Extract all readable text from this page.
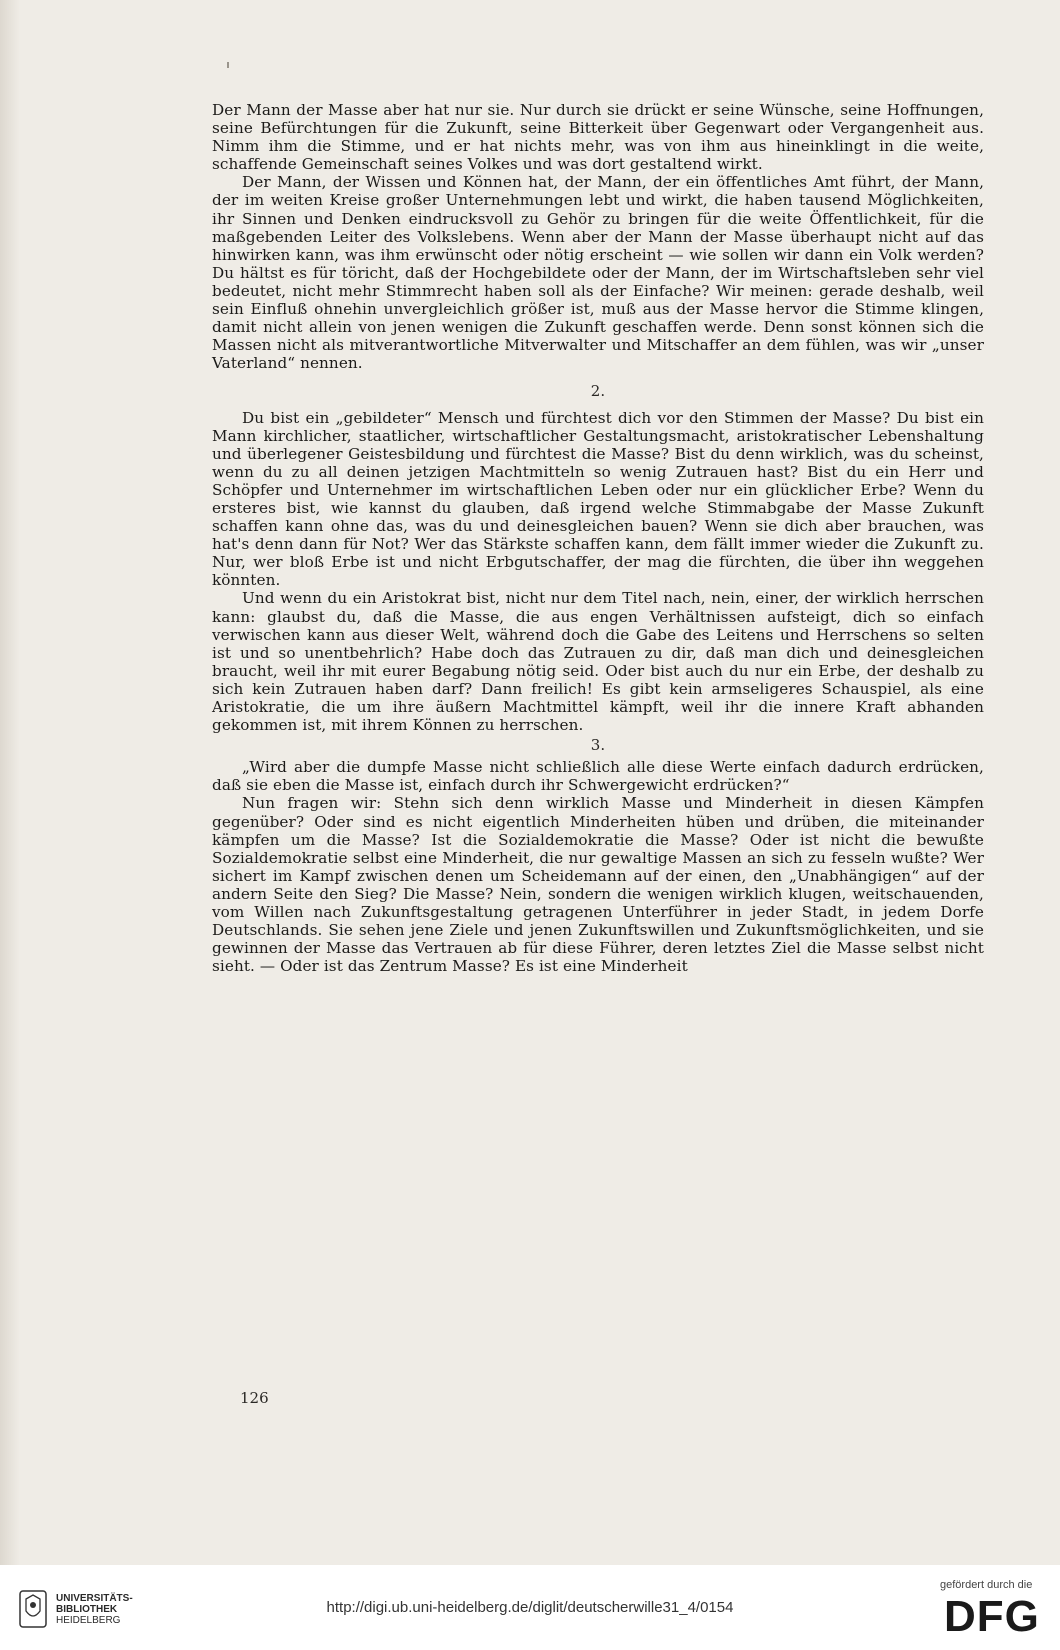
Der Mann der Masse aber hat nur sie. Nur durch sie drückt er seine Wünsche, seine Hoffnungen, seine Befürchtungen für die Zukunft, seine Bitterkeit über Gegenwart oder Vergangenheit aus. Nimm ihm die Stimme, und er hat nichts mehr, was von ihm aus hineinklingt in die weite, schaffende Gemeinschaft seines Volkes und was dort gestaltend wirkt.

Der Mann, der Wissen und Können hat, der Mann, der ein öffentliches Amt führt, der Mann, der im weiten Kreise großer Unternehmungen lebt und wirkt, die haben tausend Möglichkeiten, ihr Sinnen und Denken eindrucksvoll zu Gehör zu bringen für die weite Öffentlichkeit, für die maßgebenden Leiter des Volkslebens. Wenn aber der Mann der Masse überhaupt nicht auf das hinwirken kann, was ihm erwünscht oder nötig erscheint — wie sollen wir dann ein Volk werden? Du hältst es für töricht, daß der Hochgebildete oder der Mann, der im Wirtschaftsleben sehr viel bedeutet, nicht mehr Stimmrecht haben soll als der Einfache? Wir meinen: gerade deshalb, weil sein Einfluß ohnehin unvergleichlich größer ist, muß aus der Masse hervor die Stimme klingen, damit nicht allein von jenen wenigen die Zukunft geschaffen werde. Denn sonst können sich die Massen nicht als mitverantwortliche Mitverwalter und Mitschaffer an dem fühlen, was wir „unser Vaterland“ nennen.

2.

Du bist ein „gebildeter“ Mensch und fürchtest dich vor den Stimmen der Masse? Du bist ein Mann kirchlicher, staatlicher, wirtschaftlicher Gestaltungsmacht, aristokratischer Lebenshaltung und überlegener Geistesbildung und fürchtest die Masse? Bist du denn wirklich, was du scheinst, wenn du zu all deinen jetzigen Machtmitteln so wenig Zutrauen hast? Bist du ein Herr und Schöpfer und Unternehmer im wirtschaftlichen Leben oder nur ein glücklicher Erbe? Wenn du ersteres bist, wie kannst du glauben, daß irgend welche Stimmabgabe der Masse Zukunft schaffen kann ohne das, was du und deinesgleichen bauen? Wenn sie dich aber brauchen, was hat's denn dann für Not? Wer das Stärkste schaffen kann, dem fällt immer wieder die Zukunft zu. Nur, wer bloß Erbe ist und nicht Erbgutschaffer, der mag die fürchten, die über ihn weggehen könnten.

Und wenn du ein Aristokrat bist, nicht nur dem Titel nach, nein, einer, der wirklich herrschen kann: glaubst du, daß die Masse, die aus engen Verhältnissen aufsteigt, dich so einfach verwischen kann aus dieser Welt, während doch die Gabe des Leitens und Herrschens so selten ist und so unentbehrlich? Habe doch das Zutrauen zu dir, daß man dich und deinesgleichen braucht, weil ihr mit eurer Begabung nötig seid. Oder bist auch du nur ein Erbe, der deshalb zu sich kein Zutrauen haben darf? Dann freilich! Es gibt kein armseligeres Schauspiel, als eine Aristokratie, die um ihre äußern Machtmittel kämpft, weil ihr die innere Kraft abhanden gekommen ist, mit ihrem Können zu herrschen.

3.

„Wird aber die dumpfe Masse nicht schließlich alle diese Werte einfach dadurch erdrücken, daß sie eben die Masse ist, einfach durch ihr Schwergewicht erdrücken?“

Nun fragen wir: Stehn sich denn wirklich Masse und Minderheit in diesen Kämpfen gegenüber? Oder sind es nicht eigentlich Minderheiten hüben und drüben, die miteinander kämpfen um die Masse? Ist die Sozialdemokratie die Masse? Oder ist nicht die bewußte Sozialdemokratie selbst eine Minderheit, die nur gewaltige Massen an sich zu fesseln wußte? Wer sichert im Kampf zwischen denen um Scheidemann auf der einen, den „Unabhängigen“ auf der andern Seite den Sieg? Die Masse? Nein, sondern die wenigen wirklich klugen, weitschauenden, vom Willen nach Zukunftsgestaltung getragenen Unterführer in jeder Stadt, in jedem Dorfe Deutschlands. Sie sehen jene Ziele und jenen Zukunftswillen und Zukunftsmöglichkeiten, und sie gewinnen der Masse das Vertrauen ab für diese Führer, deren letztes Ziel die Masse selbst nicht sieht. — Oder ist das Zentrum Masse? Es ist eine Minderheit

126
UNIVERSITÄTS-
BIBLIOTHEK
HEIDELBERG
http://digi.ub.uni-heidelberg.de/diglit/deutscherwille31_4/0154
gefördert durch die
DFG
